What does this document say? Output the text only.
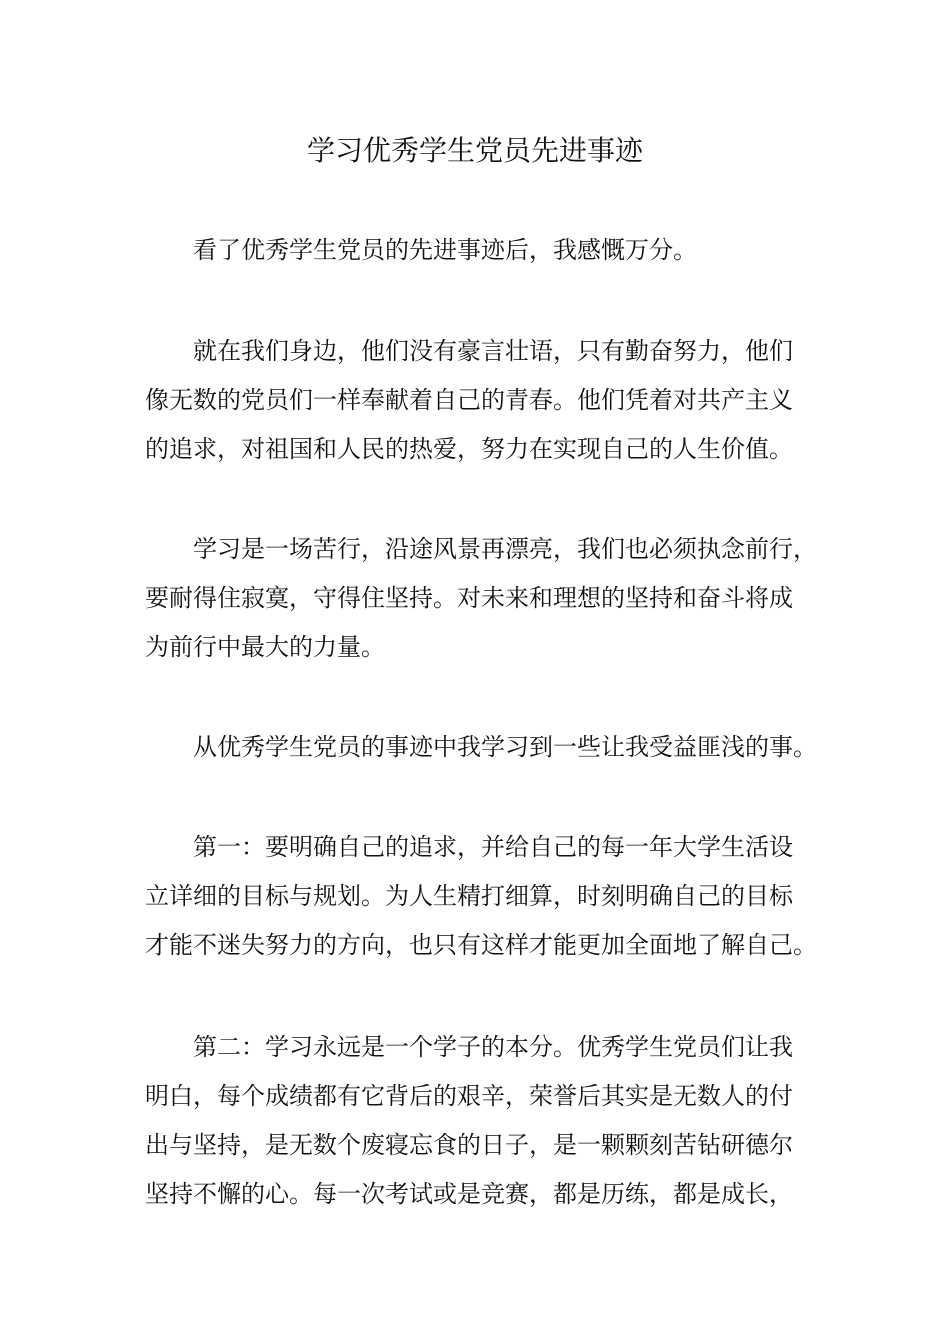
学习优秀学生党员先进事迹
看了优秀学生党员的先进事迹后，我感慨万分。
就在我们身边，他们没有豪言壮语，只有勤奋努力，他们
像无数的党员们一样奉献着自己的青春。他们凭着对共产主义
的追求，对祖国和人民的热爱，努力在实现自己的人生价值。
学习是一场苦行，沿途风景再漂亮，我们也必须执念前行，
要耐得住寂寞，守得住坚持。对未来和理想的坚持和奋斗将成
为前行中最大的力量。
从优秀学生党员的事迹中我学习到一些让我受益匪浅的事。
第一：要明确自己的追求，并给自己的每一年大学生活设
立详细的目标与规划。为人生精打细算，时刻明确自己的目标
才能不迷失努力的方向，也只有这样才能更加全面地了解自己。
第二：学习永远是一个学子的本分。优秀学生党员们让我
明白，每个成绩都有它背后的艰辛，荣誉后其实是无数人的付
出与坚持，是无数个废寝忘食的日子，是一颗颗刻苦钻研德尔
坚持不懈的心。每一次考试或是竞赛，都是历练，都是成长，
